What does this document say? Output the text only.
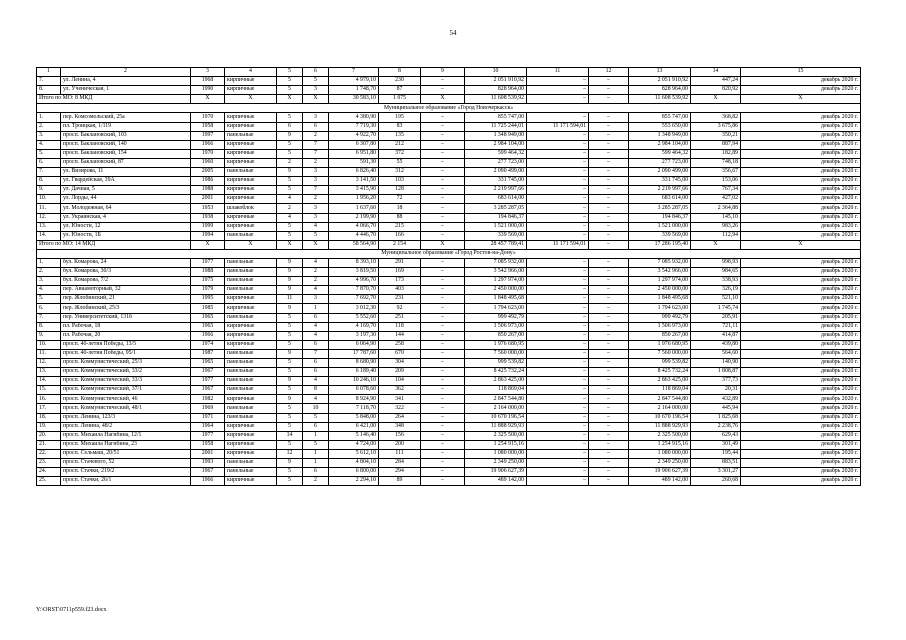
54
1	2	3	4	5	6	7	8	9	10	11	12	13	14	15
7.	ул. Ленина, 4	1968	кирпичные	5	5	4 979,10	230	–	2 051 910,92	–	–	2 051 910,92	447,24	декабрь 2020 г.
8.	ул. Ученическая, 1	1990	кирпичные	5	3	1 748,70	87	–	828 964,00	–	–	828 964,00	820,92	декабрь 2020 г.
Итого по МО: 8 МКД		X	X	X	X	30 583,10	1 075	X	11 608 539,92	–	–	11 608 539,92	X	X
Муниципальное образование «Город Новочеркасск»														
1.	пер. Комсомольский, 25а	1970	кирпичные	5	3	4 380,90	195	–	855 747,00	–	–	855 747,00	368,82	декабрь 2020 г.
2.	пл. Троицкая, 1/119	1958	кирпичные	6	6	7 719,30	83	–	11 725 244,01	11 171 594,01	–	553 650,00	3 675,86	декабрь 2020 г.
3.	просп. Баклановский, 103	1997	панельные	9	2	4 922,70	135	–	1 348 949,00	–	–	1 348 949,00	350,21	декабрь 2020 г.
4.	просп. Баклановский, 140	1966	кирпичные	5	7	6 307,80	212	–	2 984 104,00	–	–	2 984 104,00	887,94	декабрь 2020 г.
5.	просп. Баклановский, 154	1970	кирпичные	5	7	6 951,80	372	–	599 464,32	–	–	599 464,32	182,89	декабрь 2020 г.
6.	просп. Баклановский, 87	1960	кирпичные	2	2	591,30	55	–	277 723,00	–	–	277 723,00	748,18	декабрь 2020 г.
7.	ул. Визирова, 11	2005	панельные	9	3	6 826,40	312	–	2 090 499,00	–	–	2 090 499,00	356,67	декабрь 2020 г.
8.	ул. Гвардейская, 39А	1986	кирпичные	5	3	3 141,50	103	–	331 745,00	–	–	331 745,00	153,06	декабрь 2020 г.
9.	ул. Дачная, 5	1988	кирпичные	5	7	3 415,90	128	–	2 219 997,66	–	–	2 219 997,66	767,34	декабрь 2020 г.
10.	ул. Лорды, 44	2001	кирпичные	4	2	1 956,20	72	–	683 614,00	–	–	683 614,00	427,02	декабрь 2020 г.
11.	ул. Молодежная, 64	1953	шлакоблок	2	3	1 637,60	18	–	3 285 287,05	–	–	3 285 287,05	2 364,88	декабрь 2020 г.
12.	ул. Украинская, 4	1938	кирпичные	4	3	2 199,90	88	–	194 846,37	–	–	194 846,37	145,10	декабрь 2020 г.
13.	ул. Юности, 12	1999	кирпичные	5	4	4 066,70	215	–	1 521 000,00	–	–	1 521 000,00	983,26	декабрь 2020 г.
14.	ул. Юности, 1Б	1994	панельные	5	5	4 446,70	166	–	339 569,00	–	–	339 569,00	112,94	декабрь 2020 г.
Итого по МО: 14 МКД		X	X	X	X	58 564,90	2 154	X	28 457 789,41	11 171 594,01	–	17 286 195,40	X	X
Муниципальное образование «Город Ростов-на-Дону»														
1.	бул. Комарова, 24	1977	панельные	9	4	8 393,10	291	–	7 085 932,00	–	–	7 085 932,00	998,93	декабрь 2020 г.
2.	бул. Комарова, 30/3	1988	панельные	9	2	3 819,50	169	–	3 542 966,00	–	–	3 542 966,00	984,65	декабрь 2020 г.
3.	бул. Комарова, 7/2	1975	панельные	9	2	4 996,70	173	–	1 297 974,00	–	–	1 297 974,00	338,93	декабрь 2020 г.
4.	пер. Авиамоторный, 32	1979	панельные	9	4	7 870,70	403	–	2 450 000,00	–	–	2 450 000,00	326,19	декабрь 2020 г.
5.	пер. Жлобинский, 21	1995	кирпичные	11	3	7 692,70	231	–	1 848 495,68	–	–	1 848 495,68	521,10	декабрь 2020 г.
6.	пер. Жлобинский, 25/3	1985	кирпичные	9	1	3 012,30	92	–	1 794 623,00	–	–	1 794 623,00	1 745,74	декабрь 2020 г.
7.	пер. Университетский, 131б	1965	панельные	5	6	5 552,60	251	–	999 492,79	–	–	999 492,79	205,91	декабрь 2020 г.
8.	пл. Рабочая, 18	1965	кирпичные	5	4	4 169,70	118	–	1 506 973,00	–	–	1 506 973,00	721,11	декабрь 2020 г.
9.	пл. Рабочая, 20	1966	кирпичные	5	4	3 197,30	144	–	850 267,00	–	–	850 267,00	414,87	декабрь 2020 г.
10.	просп. 40-летия Победы, 13/5	1974	кирпичные	5	6	6 064,90	258	–	1 976 680,95	–	–	1 976 680,95	439,80	декабрь 2020 г.
11.	просп. 40-летия Победы, 95/1	1987	панельные	9	7	17 787,60	670	–	7 560 000,00	–	–	7 560 000,00	564,60	декабрь 2020 г.
12.	просп. Коммунистический, 25/3	1965	панельные	5	6	8 680,90	304	–	999 539,82	–	–	999 539,82	140,90	декабрь 2020 г.
13.	просп. Коммунистический, 33/2	1967	панельные	5	6	6 189,40	209	–	8 425 732,24	–	–	8 425 732,24	1 808,87	декабрь 2020 г.
14.	просп. Коммунистический, 33/3	1977	панельные	9	4	10 246,10	104	–	2 863 425,00	–	–	2 863 425,00	377,73	декабрь 2020 г.
15.	просп. Коммунистический, 37/1	1967	панельные	5	8	6 078,60	362	–	118 869,04	–	–	118 869,04	20,31	декабрь 2020 г.
16.	просп. Коммунистический, 46	1982	кирпичные	9	4	8 924,90	341	–	2 847 544,80	–	–	2 847 544,80	432,89	декабрь 2020 г.
17.	просп. Коммунистический, 48/1	1969	панельные	5	10	7 118,70	322	–	2 164 000,00	–	–	2 164 000,00	445,94	декабрь 2020 г.
18.	просп. Ленина, 123/3	1971	панельные	5	5	5 848,00	264	–	10 670 196,54	–	–	10 670 196,54	1 825,68	декабрь 2020 г.
19.	просп. Ленина, 48/2	1964	кирпичные	5	6	6 421,00	348	–	11 888 929,93	–	–	11 888 929,93	2 238,76	декабрь 2020 г.
20.	просп. Михаила Нагибина, 12/1	1977	кирпичные	14	1	5 146,40	156	–	2 325 500,00	–	–	2 325 500,00	629,43	декабрь 2020 г.
21.	просп. Михаила Нагибина, 23	1958	кирпичные	5	5	4 724,00	200	–	1 254 915,16	–	–	1 254 915,16	301,49	декабрь 2020 г.
22.	просп. Сельмаш, 20/51	2001	кирпичные	12	1	5 612,10	111	–	1 080 000,00	–	–	1 080 000,00	195,44	декабрь 2020 г.
23.	просп. Стачевого, 52	1993	панельные	9	1	4 804,10	284	–	2 349 250,00	–	–	2 349 250,00	883,51	декабрь 2020 г.
24.	просп. Стачки, 219/2	1967	панельные	5	6	6 800,00	294	–	19 906 627,39	–	–	19 906 627,39	3 301,27	декабрь 2020 г.
25.	просп. Стачки, 26/1	1966	кирпичные	5	2	2 294,10	89	–	489 142,00	–	–	489 142,00	260,68	декабрь 2020 г.
Y:\ORST\0711p559.f23.docx
